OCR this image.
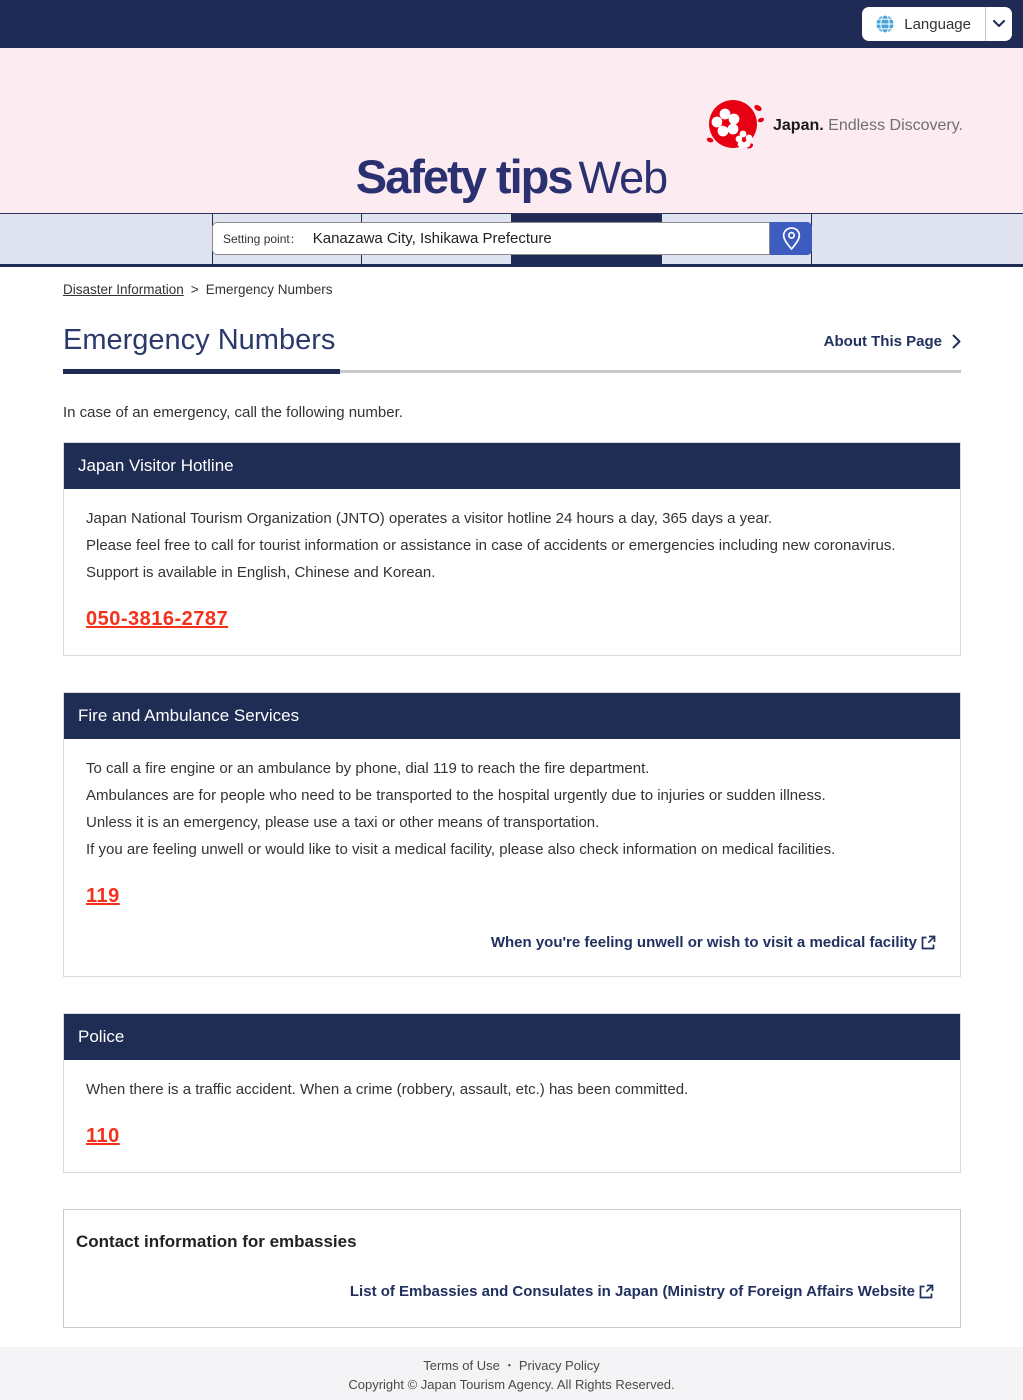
Language
Japan. Endless Discovery.
Safety tips Web
Setting point：
Kanazawa City, Ishikawa Prefecture
Disaster Information > Emergency Numbers
Emergency Numbers	About This Page
In case of an emergency, call the following number.
Japan Visitor Hotline

Japan National Tourism Organization (JNTO) operates a visitor hotline 24 hours a day, 365 days a year.

Please feel free to call for tourist information or assistance in case of accidents or emergencies including new coronavirus.

Support is available in English, Chinese and Korean.

050-3816-2787
Fire and Ambulance Services

To call a fire engine or an ambulance by phone, dial 119 to reach the fire department.

Ambulances are for people who need to be transported to the hospital urgently due to injuries or sudden illness.

Unless it is an emergency, please use a taxi or other means of transportation.

If you are feeling unwell or would like to visit a medical facility, please also check information on medical facilities.

119
When you're feeling unwell or wish to visit a medical facility
Police

When there is a traffic accident. When a crime (robbery, assault, etc.) has been committed.

110
Contact information for embassies
List of Embassies and Consulates in Japan (Ministry of Foreign Affairs Website
Terms of Use ・ Privacy Policy
Copyright © Japan Tourism Agency. All Rights Reserved.
